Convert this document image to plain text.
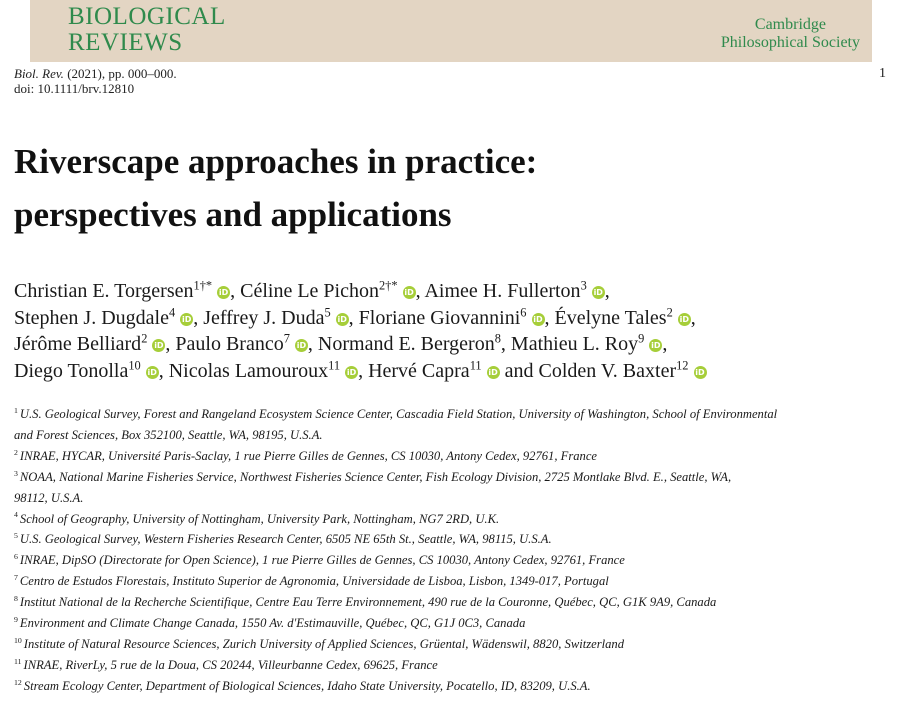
BIOLOGICAL
REVIEWS
Cambridge
Philosophical Society
Biol. Rev. (2021), pp. 000–000.
doi: 10.1111/brv.12810
1
Riverscape approaches in practice:
perspectives and applications
Christian E. Torgersen$^{1\dagger*}$iD, Céline Le Pichon$^{2\dagger*}$iD, Aimee H. Fullerton$^3$iD,
Stephen J. Dugdale$^4$iD, Jeffrey J. Duda$^5$iD, Floriane Giovannini$^6$iD, Évelyne Tales$^2$iD,
Jérôme Belliard$^2$iD, Paulo Branco$^7$iD, Normand E. Bergeron$^8$, Mathieu L. Roy$^9$iD,
Diego Tonolla$^{10}$iD, Nicolas Lamouroux$^{11}$iD, Hervé Capra$^{11}$iD and Colden V. Baxter$^{12}$iD
$^1$ U.S. Geological Survey, Forest and Rangeland Ecosystem Science Center, Cascadia Field Station, University of Washington, School of Environmental
and Forest Sciences, Box 352100, Seattle, WA, 98195, U.S.A.
$^2$ INRAE, HYCAR, Université Paris-Saclay, 1 rue Pierre Gilles de Gennes, CS 10030, Antony Cedex, 92761, France
$^3$ NOAA, National Marine Fisheries Service, Northwest Fisheries Science Center, Fish Ecology Division, 2725 Montlake Blvd. E., Seattle, WA,
98112, U.S.A.
$^4$ School of Geography, University of Nottingham, University Park, Nottingham, NG7 2RD, U.K.
$^5$ U.S. Geological Survey, Western Fisheries Research Center, 6505 NE 65th St., Seattle, WA, 98115, U.S.A.
$^6$ INRAE, DipSO (Directorate for Open Science), 1 rue Pierre Gilles de Gennes, CS 10030, Antony Cedex, 92761, France
$^7$ Centro de Estudos Florestais, Instituto Superior de Agronomia, Universidade de Lisboa, Lisbon, 1349-017, Portugal
$^8$ Institut National de la Recherche Scientifique, Centre Eau Terre Environnement, 490 rue de la Couronne, Québec, QC, G1K 9A9, Canada
$^9$ Environment and Climate Change Canada, 1550 Av. d'Estimauville, Québec, QC, G1J 0C3, Canada
$^{10}$ Institute of Natural Resource Sciences, Zurich University of Applied Sciences, Grüental, Wädenswil, 8820, Switzerland
$^{11}$ INRAE, RiverLy, 5 rue de la Doua, CS 20244, Villeurbanne Cedex, 69625, France
$^{12}$ Stream Ecology Center, Department of Biological Sciences, Idaho State University, Pocatello, ID, 83209, U.S.A.
